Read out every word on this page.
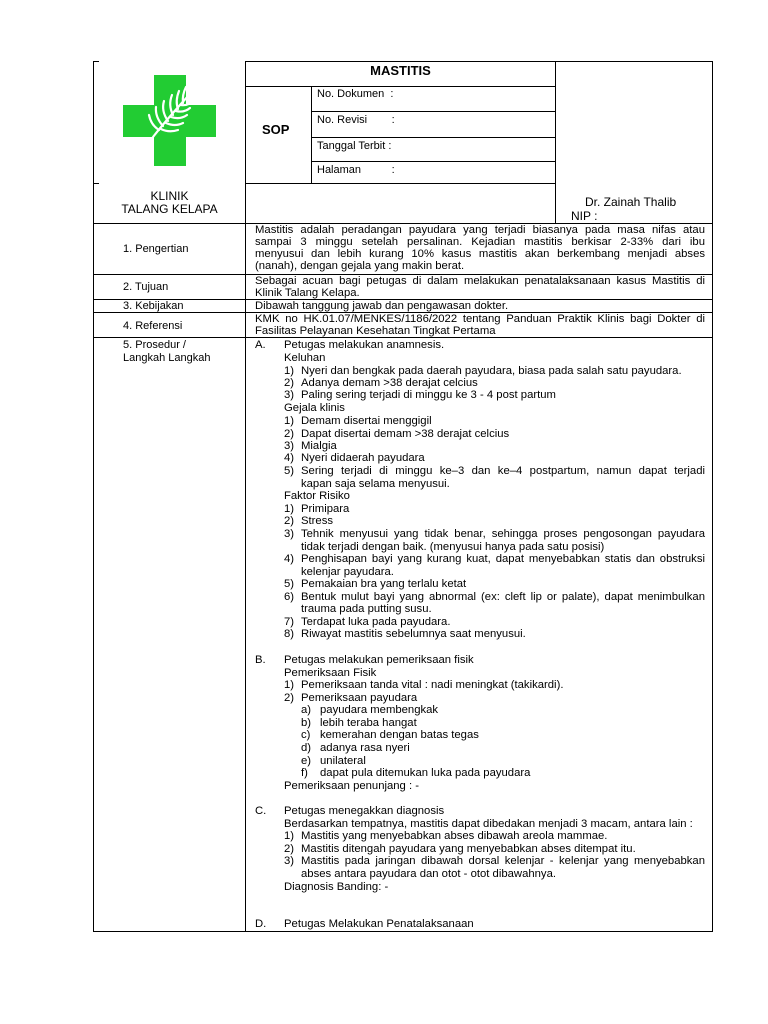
MASTITIS
SOP
No. Dokumen  :
No. Revisi        :
Tanggal Terbit :
Halaman          :
KLINIK
TALANG KELAPA	Dr. Zainah Thalib
NIP :
1. Pengertian
2. Tujuan
3. Kebijakan
4. Referensi
5. Prosedur /
Langkah Langkah
Mastitis adalah peradangan payudara yang terjadi biasanya pada masa nifas atau
sampai 3 minggu setelah persalinan. Kejadian mastitis berkisar 2-33% dari ibu
menyusui dan lebih kurang 10% kasus mastitis akan berkembang menjadi abses
(nanah), dengan gejala yang makin berat.
Sebagai acuan bagi petugas di dalam melakukan penatalaksanaan kasus Mastitis di
Klinik Talang Kelapa.
Dibawah tanggung jawab dan pengawasan dokter.
KMK no HK.01.07/MENKES/1186/2022 tentang Panduan Praktik Klinis bagi Dokter di
Fasilitas Pelayanan Kesehatan Tingkat Pertama
A. Petugas melakukan anamnesis.
Keluhan
1) Nyeri dan bengkak pada daerah payudara, biasa pada salah satu payudara.
2) Adanya demam >38 derajat celcius
3) Paling sering terjadi di minggu ke 3 - 4 post partum
Gejala klinis
1) Demam disertai menggigil
2) Dapat disertai demam >38 derajat celcius
3) Mialgia
4) Nyeri didaerah payudara
5) Sering terjadi di minggu ke–3 dan ke–4 postpartum, namun dapat terjadi
kapan saja selama menyusui.
Faktor Risiko
1) Primipara
2) Stress
3) Tehnik menyusui yang tidak benar, sehingga proses pengosongan payudara
tidak terjadi dengan baik. (menyusui hanya pada satu posisi)
4) Penghisapan bayi yang kurang kuat, dapat menyebabkan statis dan obstruksi
kelenjar payudara.
5) Pemakaian bra yang terlalu ketat
6) Bentuk mulut bayi yang abnormal (ex: cleft lip or palate), dapat menimbulkan
trauma pada putting susu.
7) Terdapat luka pada payudara.
8) Riwayat mastitis sebelumnya saat menyusui.
B. Petugas melakukan pemeriksaan fisik
Pemeriksaan Fisik
1) Pemeriksaan tanda vital : nadi meningkat (takikardi).
2) Pemeriksaan payudara
a) payudara membengkak
b) lebih teraba hangat
c) kemerahan dengan batas tegas
d) adanya rasa nyeri
e) unilateral
f) dapat pula ditemukan luka pada payudara
Pemeriksaan penunjang : -
C. Petugas menegakkan diagnosis
Berdasarkan tempatnya, mastitis dapat dibedakan menjadi 3 macam, antara lain :
1) Mastitis yang menyebabkan abses dibawah areola mammae.
2) Mastitis ditengah payudara yang menyebabkan abses ditempat itu.
3) Mastitis pada jaringan dibawah dorsal kelenjar - kelenjar yang menyebabkan
abses antara payudara dan otot - otot dibawahnya.
Diagnosis Banding: -
D. Petugas Melakukan Penatalaksanaan
